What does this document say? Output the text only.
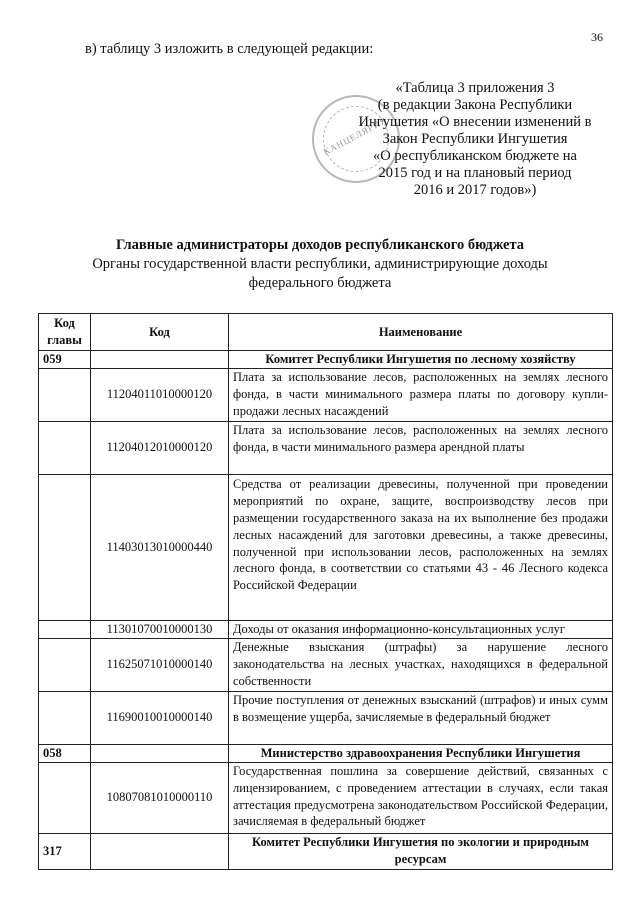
36
в) таблицу 3 изложить в следующей редакции:
КАНЦЕЛЯРИЯ
«Таблица 3 приложения 3
(в редакции Закона Республики
Ингушетия «О внесении изменений в
Закон Республики Ингушетия
«О республиканском бюджете на
2015 год и на плановый период
2016 и 2017 годов»)
Главные администраторы доходов республиканского бюджета
Органы государственной власти республики, администрирующие доходы
федерального бюджета
Код главы	Код	Наименование
059		Комитет Республики Ингушетия по лесному хозяйству
	11204011010000120	Плата за использование лесов, расположенных на землях лесного фонда, в части минимального размера платы по договору купли-продажи лесных насаждений
	11204012010000120	Плата за использование лесов, расположенных на землях лесного фонда, в части минимального размера арендной платы
	11403013010000440	Средства от реализации древесины, полученной при проведении мероприятий по охране, защите, воспроизводству лесов при размещении государственного заказа на их выполнение без продажи лесных насаждений для заготовки древесины, а также древесины, полученной при использовании лесов, расположенных на землях лесного фонда, в соответствии со статьями 43 - 46 Лесного кодекса Российской Федерации
	11301070010000130	Доходы от оказания информационно-консультационных услуг
	11625071010000140	Денежные взыскания (штрафы) за нарушение лесного законодательства на лесных участках, находящихся в федеральной собственности
	11690010010000140	Прочие поступления от денежных взысканий (штрафов) и иных сумм в возмещение ущерба, зачисляемые в федеральный бюджет
058		Министерство здравоохранения Республики Ингушетия
	10807081010000110	Государственная пошлина за совершение действий, связанных с лицензированием, с проведением аттестации в случаях, если такая аттестация предусмотрена законодательством Российской Федерации, зачисляемая в федеральный бюджет
317		Комитет Республики Ингушетия по экологии и природным ресурсам
